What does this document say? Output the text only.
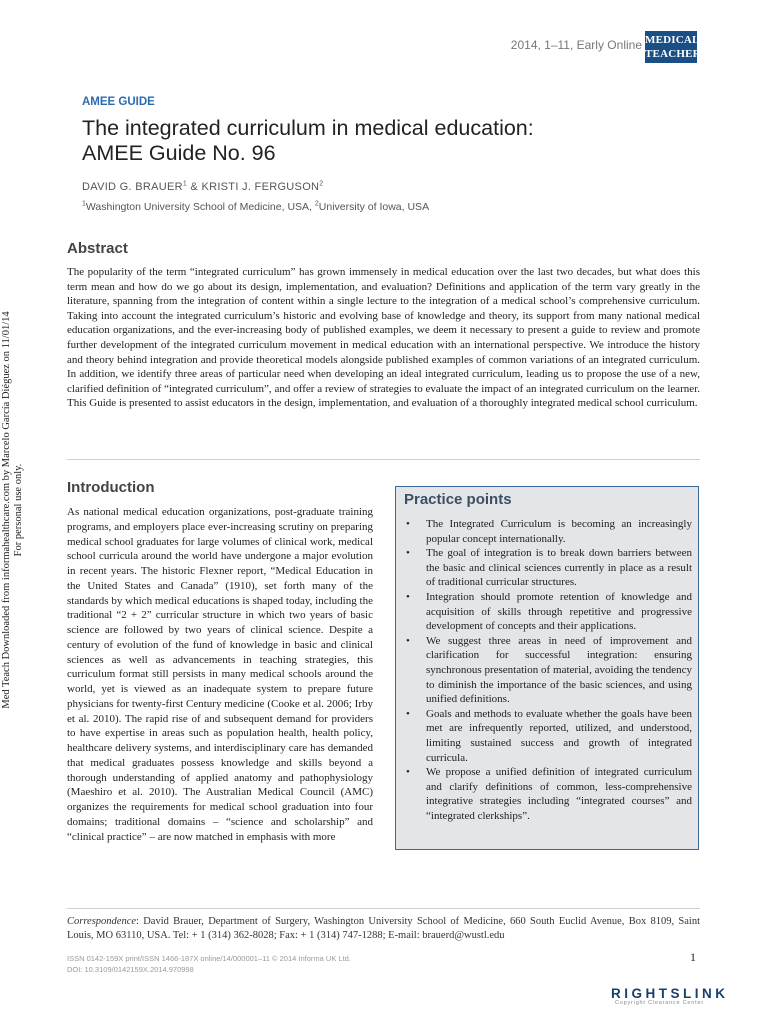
Med Teach Downloaded from informahealthcare.com by Marcelo García Diéguez on 11/01/14 For personal use only.
2014, 1–11, Early Online MEDICAL
TEACHER
AMEE GUIDE
The integrated curriculum in medical education:
AMEE Guide No. 96
DAVID G. BRAUER$^1$ & KRISTI J. FERGUSON$^2$
$^1$Washington University School of Medicine, USA, $^2$University of Iowa, USA
Abstract

The popularity of the term “integrated curriculum” has grown immensely in medical education over the last two decades, but what does this term mean and how do we go about its design, implementation, and evaluation? Definitions and application of the term vary greatly in the literature, spanning from the integration of content within a single lecture to the integration of a medical school’s comprehensive curriculum. Taking into account the integrated curriculum’s historic and evolving base of knowledge and theory, its support from many national medical education organizations, and the ever-increasing body of published examples, we deem it necessary to present a guide to review and promote further development of the integrated curriculum movement in medical education with an international perspective. We introduce the history and theory behind integration and provide theoretical models alongside published examples of common variations of an integrated curriculum. In addition, we identify three areas of particular need when developing an ideal integrated curriculum, leading us to propose the use of a new, clarified definition of “integrated curriculum”, and offer a review of strategies to evaluate the impact of an integrated curriculum on the learner. This Guide is presented to assist educators in the design, implementation, and evaluation of a thoroughly integrated medical school curriculum.

Introduction

As national medical education organizations, post-graduate training programs, and employers place ever-increasing scrutiny on preparing medical school graduates for large volumes of clinical work, medical school curricula around the world have undergone a major evolution in recent years. The historic Flexner report, “Medical Education in the United States and Canada” (1910), set forth many of the standards by which medical educations is shaped today, including the traditional “2 + 2” curricular structure in which two years of basic science are followed by two years of clinical science. Despite a century of evolution of the fund of knowledge in basic and clinical sciences as well as advancements in teaching strategies, this curriculum format still persists in many medical schools around the world, yet is viewed as an inadequate system to prepare future physicians for twenty-first Century medicine (Cooke et al. 2006; Irby et al. 2010). The rapid rise of and subsequent demand for providers to have expertise in areas such as population health, health policy, healthcare delivery systems, and interdisciplinary care has demanded that medical graduates possess knowledge and skills beyond a thorough understanding of applied anatomy and pathophysiology (Maeshiro et al. 2010). The Australian Medical Council (AMC) organizes the requirements for medical school graduation into four domains; traditional domains – “science and scholarship” and “clinical practice” – are now matched in emphasis with more

Practice points
• The Integrated Curriculum is becoming an increasingly popular concept internationally.
• The goal of integration is to break down barriers between the basic and clinical sciences currently in place as a result of traditional curricular structures.
• Integration should promote retention of knowledge and acquisition of skills through repetitive and progressive development of concepts and their applications.
• We suggest three areas in need of improvement and clarification for successful integration: ensuring synchronous presentation of material, avoiding the tendency to diminish the importance of the basic sciences, and using unified definitions.
• Goals and methods to evaluate whether the goals have been met are infrequently reported, utilized, and understood, limiting sustained success and growth of integrated curricula.
• We propose a unified definition of integrated curriculum and clarify definitions of common, less-comprehensive integrative strategies including “integrated courses” and “integrated clerkships”.

Correspondence: David Brauer, Department of Surgery, Washington University School of Medicine, 660 South Euclid Avenue, Box 8109, Saint Louis, MO 63110, USA. Tel: + 1 (314) 362-8028; Fax: + 1 (314) 747-1288; E-mail: brauerd@wustl.edu

ISSN 0142-159X print/ISSN 1466-187X online/14/000001–11 © 2014 Informa UK Ltd.
DOI: 10.3109/0142159X.2014.970998
1
RIGHTSLINK
Copyright Clearance Center
